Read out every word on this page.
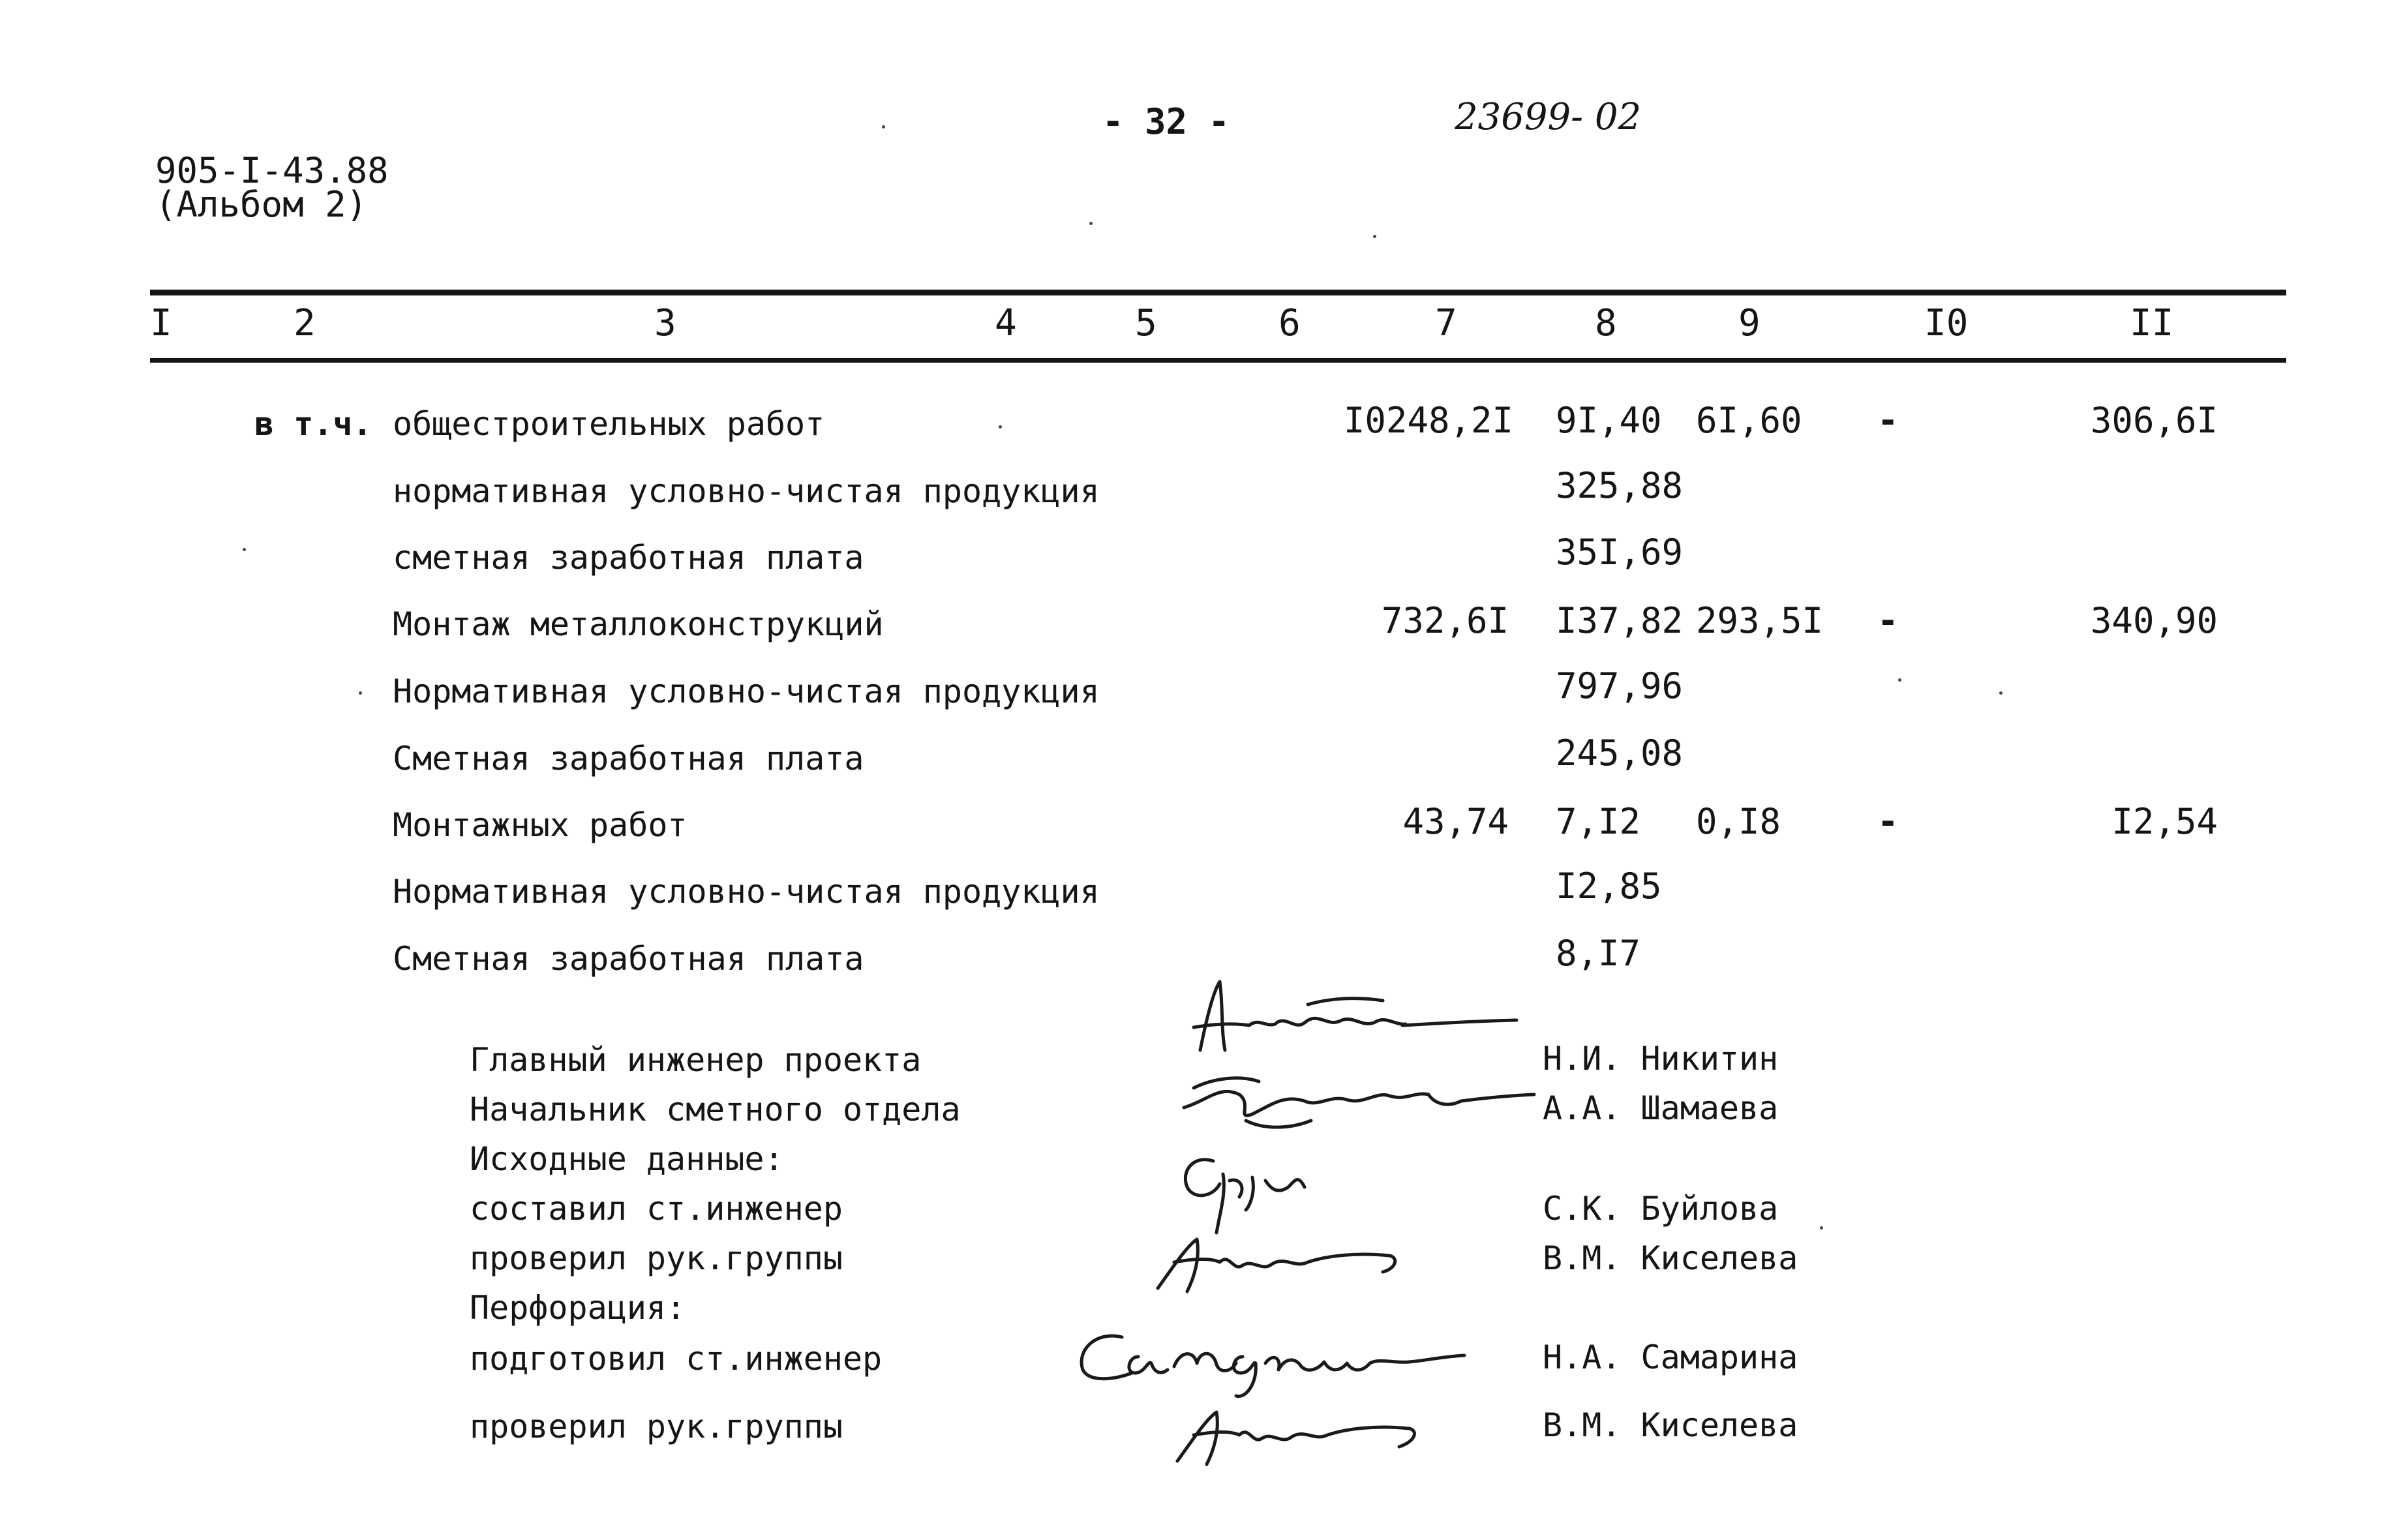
905-I-43.88
(Альбом 2)
- 32 -	23699- 02
I	2	3	4	5	6	7	8	9	I0	II
в т.ч. общестроительных работ	I0248,2I 9I,40 6I,60 -	306,6I
нормативная условно-чистая продукция	325,88
сметная заработная плата	35I,69
Монтаж металлоконструкций	732,6I I37,82 293,5I -	340,90
Нормативная условно-чистая продукция	797,96
Сметная заработная плата	245,08
Монтажных работ	43,74 7,I2 0,I8	-	I2,54
Нормативная условно-чистая продукция	I2,85
Сметная заработная плата	8,I7
Главный инженер проекта	Н.И. Никитин
Начальник сметного отдела	А.А. Шамаева
Исходные данные:
составил ст.инженер	С.К. Буйлова
проверил рук.группы	В.М. Киселева
Перфорация:
подготовил ст.инженер	Н.А. Самарина
проверил рук.группы	В.М. Киселева
